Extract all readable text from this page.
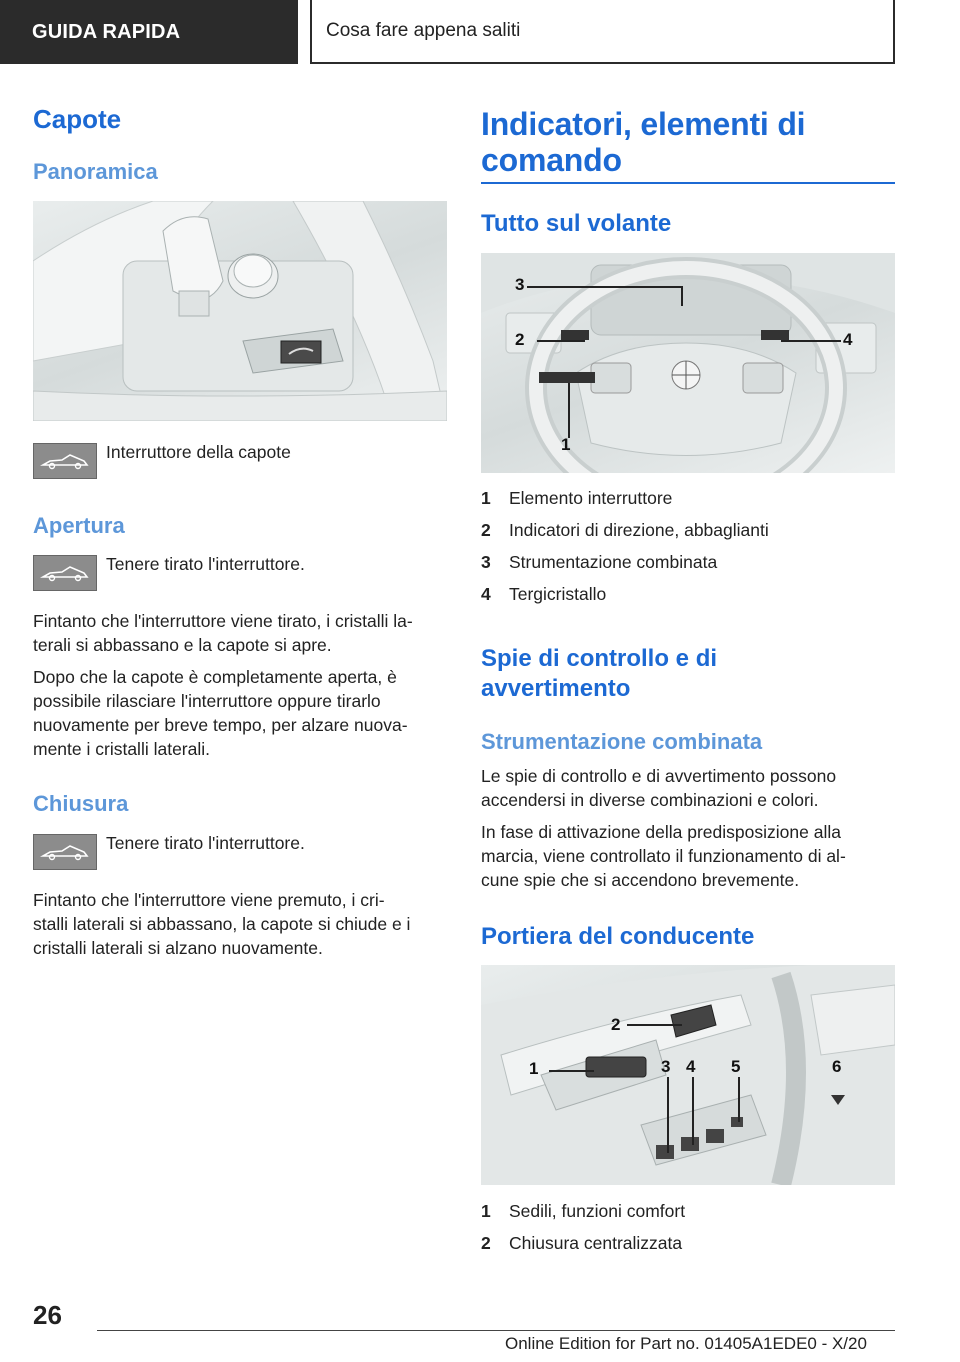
GUIDA RAPIDA	Cosa fare appena saliti
Capote
Panoramica

Interruttore della capote

Apertura

Tenere tirato l'interruttore.

Fintanto che l'interruttore viene tirato, i cristalli la-

terali si abbassano e la capote si apre.

Dopo che la capote è completamente aperta, è

possibile rilasciare l'interruttore oppure tirarlo

nuovamente per breve tempo, per alzare nuova-

mente i cristalli laterali.

Chiusura

Tenere tirato l'interruttore.

Fintanto che l'interruttore viene premuto, i cri-

stalli laterali si abbassano, la capote si chiude e i

cristalli laterali si alzano nuovamente.

Indicatori, elementi di
comando
Tutto sul volante
3
2	4
1
1 Elemento interruttore
2 Indicatori di direzione, abbaglianti
3 Strumentazione combinata
4 Tergicristallo
Spie di controllo e di
avvertimento
Strumentazione combinata

Le spie di controllo e di avvertimento possono

accendersi in diverse combinazioni e colori.

In fase di attivazione della predisposizione alla

marcia, viene controllato il funzionamento di al-

cune spie che si accendono brevemente.

Portiera del conducente
1
2
3 4 5	6
1 Sedili, funzioni comfort
2 Chiusura centralizzata
26
Online Edition for Part no. 01405A1EDE0 - X/20
